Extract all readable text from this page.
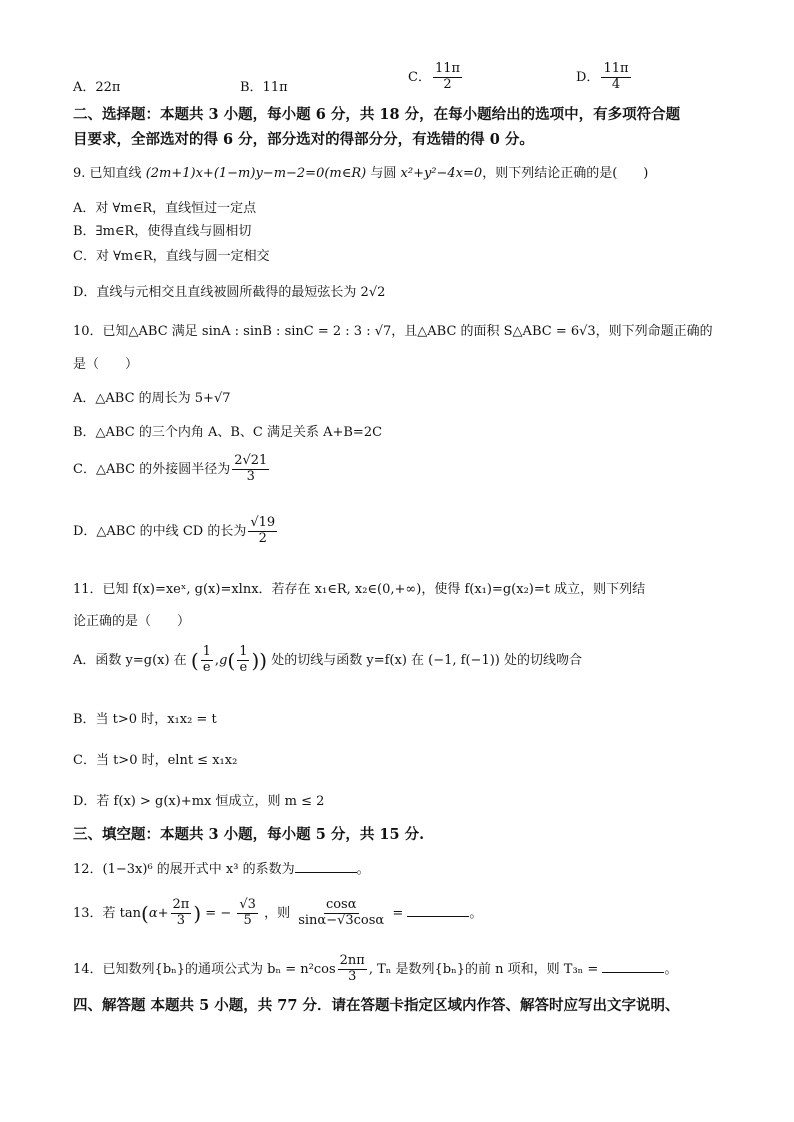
A．22π	B．11π
C． $\frac{11\pi}{2}$	D． $\frac{11\pi}{4}$
二、选择题：本题共 3 小题，每小题 6 分，共 18 分，在每小题给出的选项中，有多项符合题
目要求，全部选对的得 6 分，部分选对的得部分分，有选错的得 0 分。
9. 已知直线 (2m+1)x+(1−m)y−m−2=0(m∈R) 与圆 x²+y²−4x=0，则下列结论正确的是(　　)
A．对 ∀m∈R，直线恒过一定点
B．∃m∈R，使得直线与圆相切
C．对 ∀m∈R，直线与圆一定相交
D．直线与元相交且直线被圆所截得的最短弦长为 2√2
10．已知△ABC 满足 sinA : sinB : sinC = 2 : 3 : √7，且△ABC 的面积 S△ABC = 6√3，则下列命题正确的
是（　　）
A．△ABC 的周长为 5+√7
B．△ABC 的三个内角 A、B、C 满足关系 A+B=2C
C．△ABC 的外接圆半径为 $\frac{2√21}{3}$
D．△ABC 的中线 CD 的长为 $\frac{√19}{2}$
11．已知 f(x)=xeˣ, g(x)=xlnx．若存在 x₁∈R, x₂∈(0,+∞)，使得 f(x₁)=g(x₂)=t 成立，则下列结
论正确的是（　　）
A．函数 y=g(x) 在 ( $\frac{1}{e} ,g( \frac{1}{e}$ )) 处的切线与函数 y=f(x) 在 (−1, f(−1)) 处的切线吻合
B．当 t>0 时，x₁x₂ = t
C．当 t>0 时，elnt ≤ x₁x₂
D．若 f(x) > g(x)+mx 恒成立，则 m ≤ 2
三、填空题：本题共 3 小题，每小题 5 分，共 15 分.
12．(1−3x)⁶ 的展开式中 x³ 的系数为	。
13．若 $\tan(\alpha+ \frac{2\pi}{3}$ ) = − $\frac{√3}{5}$ ，则 $\frac{\cos\alpha}{\sin\alpha-√3\cos\alpha}$ =	。
14．已知数列{bₙ}的通项公式为 $b_n = n^2\cos \frac{2n\pi}{3}$ , Tₙ 是数列{bₙ}的前 n 项和，则 T₃ₙ =	。
四、解答题 本题共 5 小题，共 77 分．请在答题卡指定区域内作答、解答时应写出文字说明、
